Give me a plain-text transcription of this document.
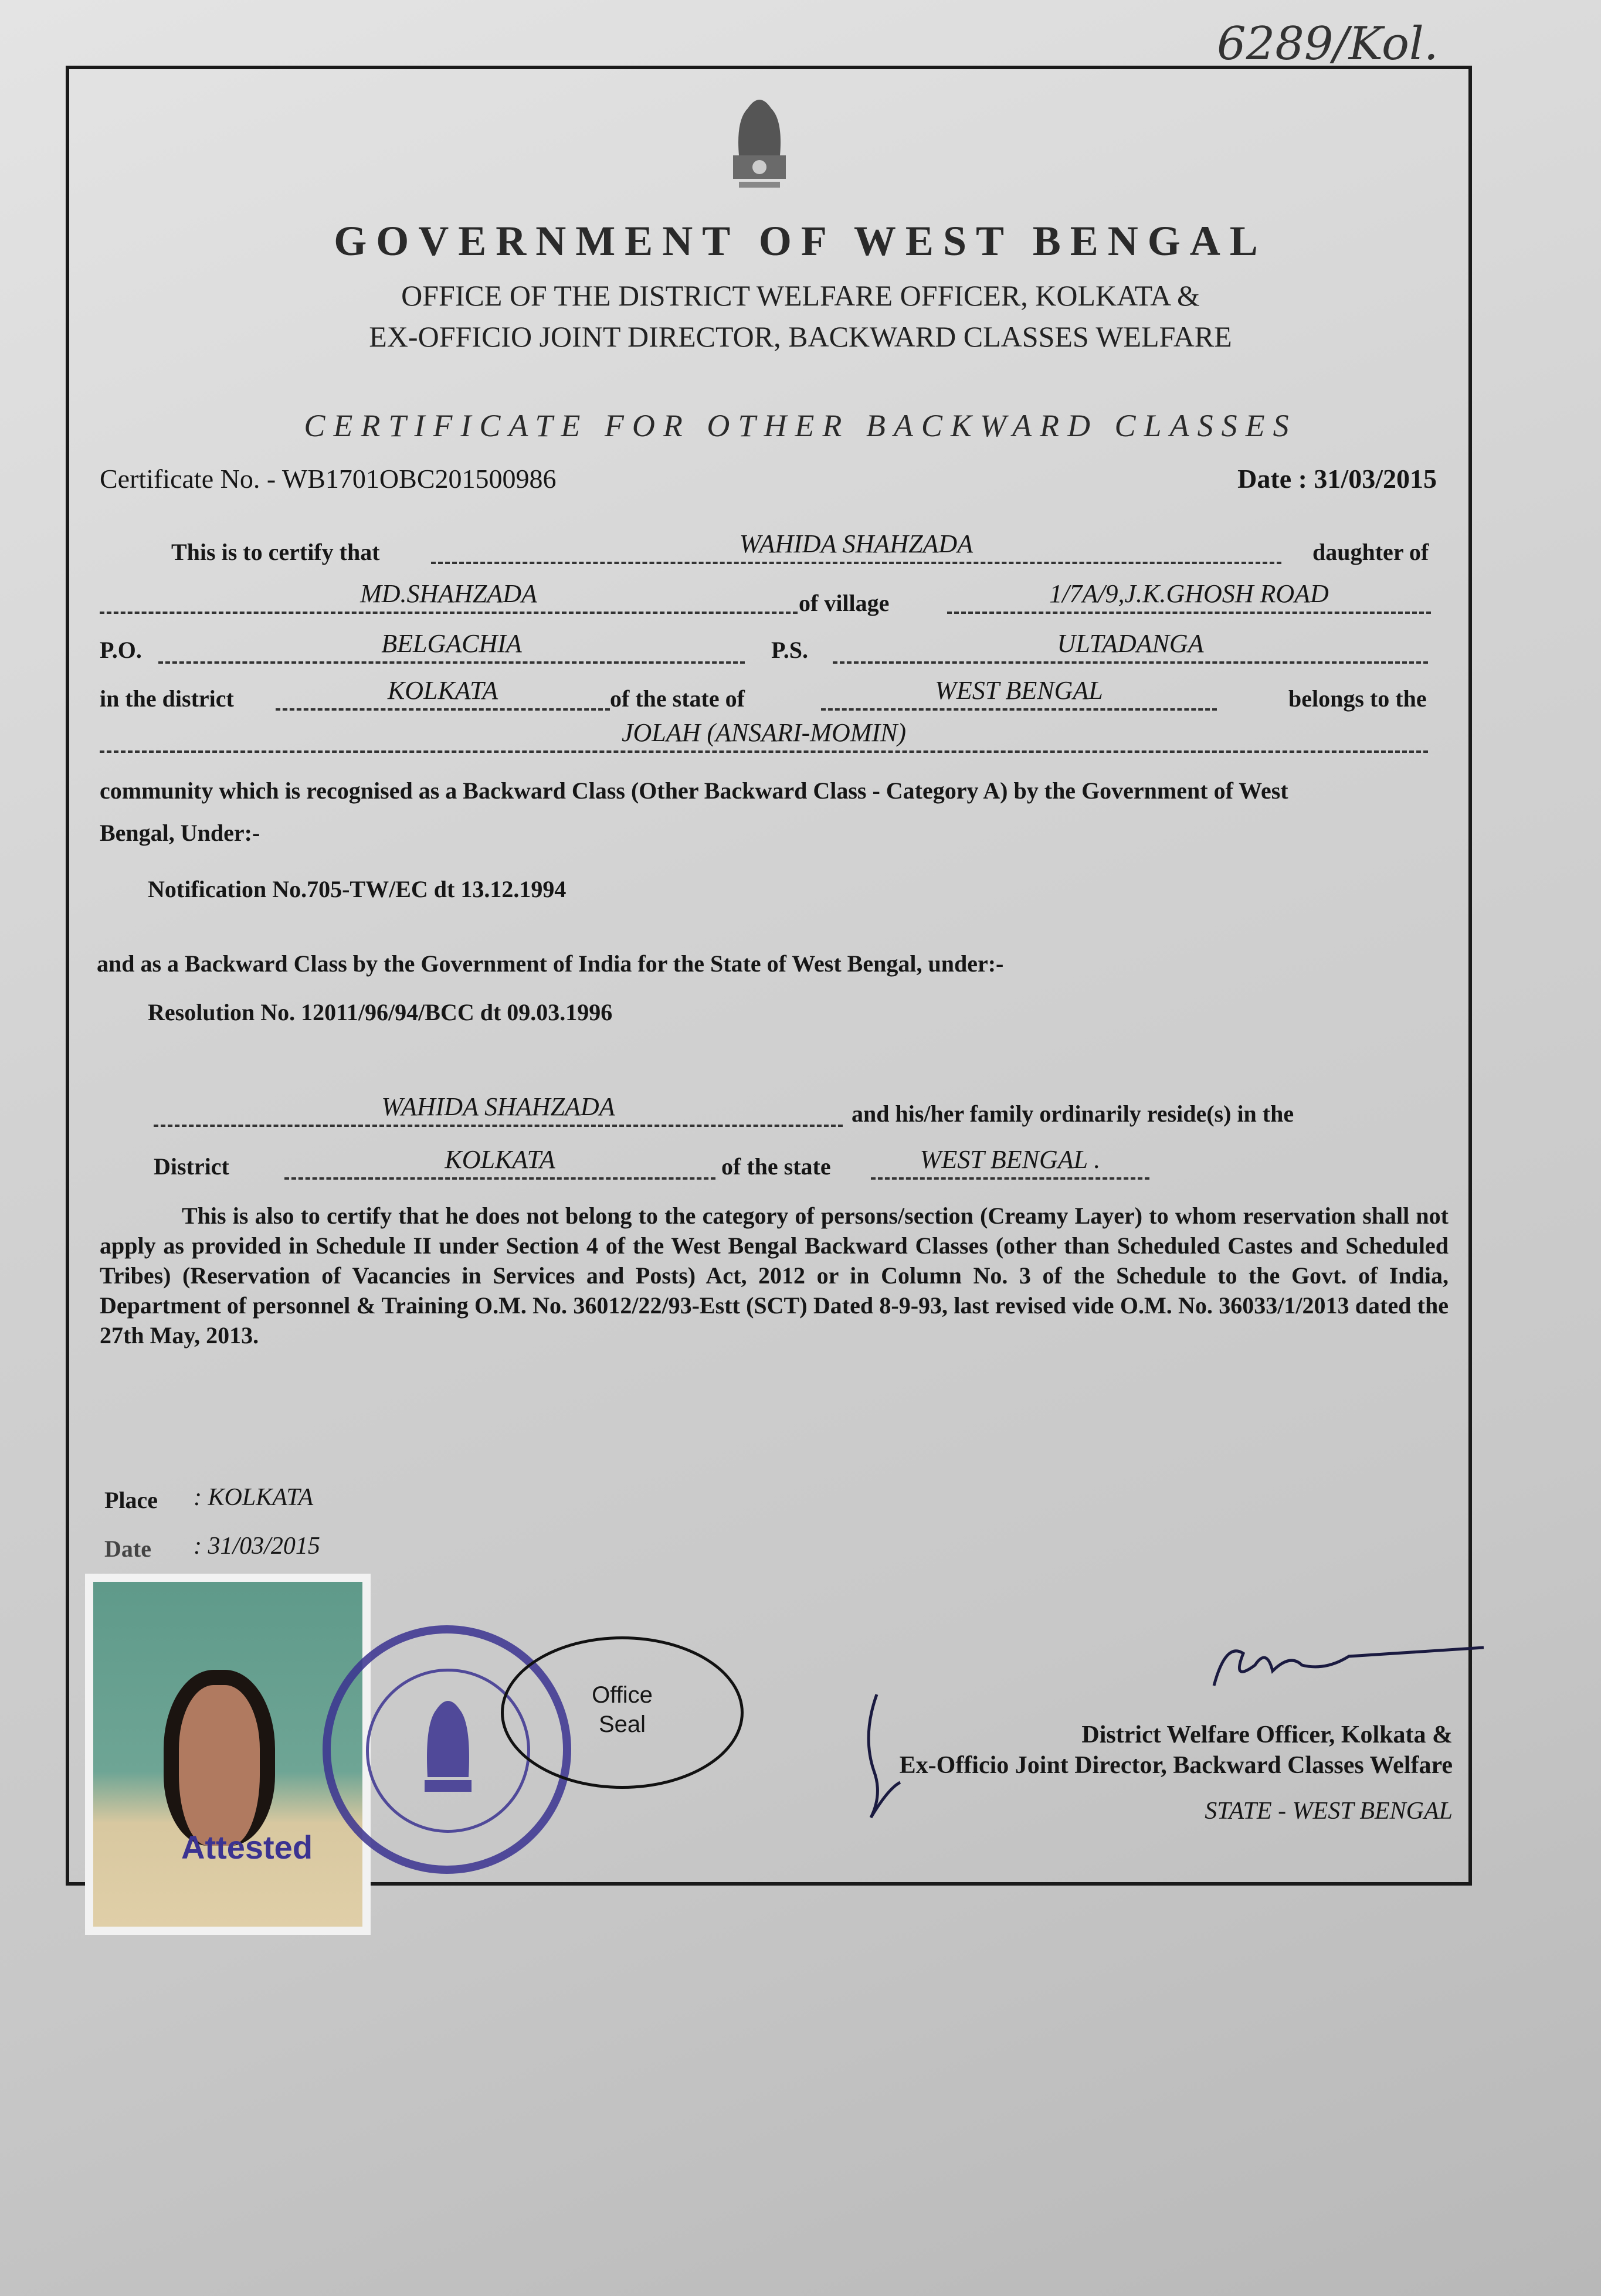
6289/Kol.
GOVERNMENT OF WEST BENGAL
OFFICE OF THE DISTRICT WELFARE OFFICER, KOLKATA &
EX-OFFICIO JOINT DIRECTOR, BACKWARD CLASSES WELFARE
CERTIFICATE FOR OTHER BACKWARD CLASSES
Certificate No. - WB1701OBC201500986	Date : 31/03/2015
This is to certify that	WAHIDA SHAHZADA	daughter of
MD.SHAHZADA	of village	1/7A/9,J.K.GHOSH ROAD
P.O.	BELGACHIA	P.S.	ULTADANGA
in the district	KOLKATA	of the state of	WEST BENGAL	belongs to the
JOLAH (ANSARI-MOMIN)
community which is recognised as a Backward Class (Other Backward Class - Category A) by the Government of West
Bengal, Under:-
Notification No.705-TW/EC dt 13.12.1994
and as a Backward Class by the Government of India for the State of West Bengal, under:-
Resolution No. 12011/96/94/BCC dt 09.03.1996
WAHIDA SHAHZADA	and his/her family ordinarily reside(s) in the
District	KOLKATA	of the state	WEST BENGAL .
This is also to certify that he does not belong to the category of persons/section (Creamy Layer) to whom reservation shall not apply as provided in Schedule II under Section 4 of the West Bengal Backward Classes (other than Scheduled Castes and Scheduled Tribes) (Reservation of Vacancies in Services and Posts) Act, 2012 or in Column No. 3 of the Schedule to the Govt. of India, Department of personnel & Training O.M. No. 36012/22/93-Estt (SCT) Dated 8-9-93, last revised vide O.M. No. 36033/1/2013 dated the 27th May, 2013.
Place : KOLKATA
Date : 31/03/2015
Attested
Office
Seal	District Welfare Officer, Kolkata &
Ex-Officio Joint Director, Backward Classes Welfare
STATE - WEST BENGAL
